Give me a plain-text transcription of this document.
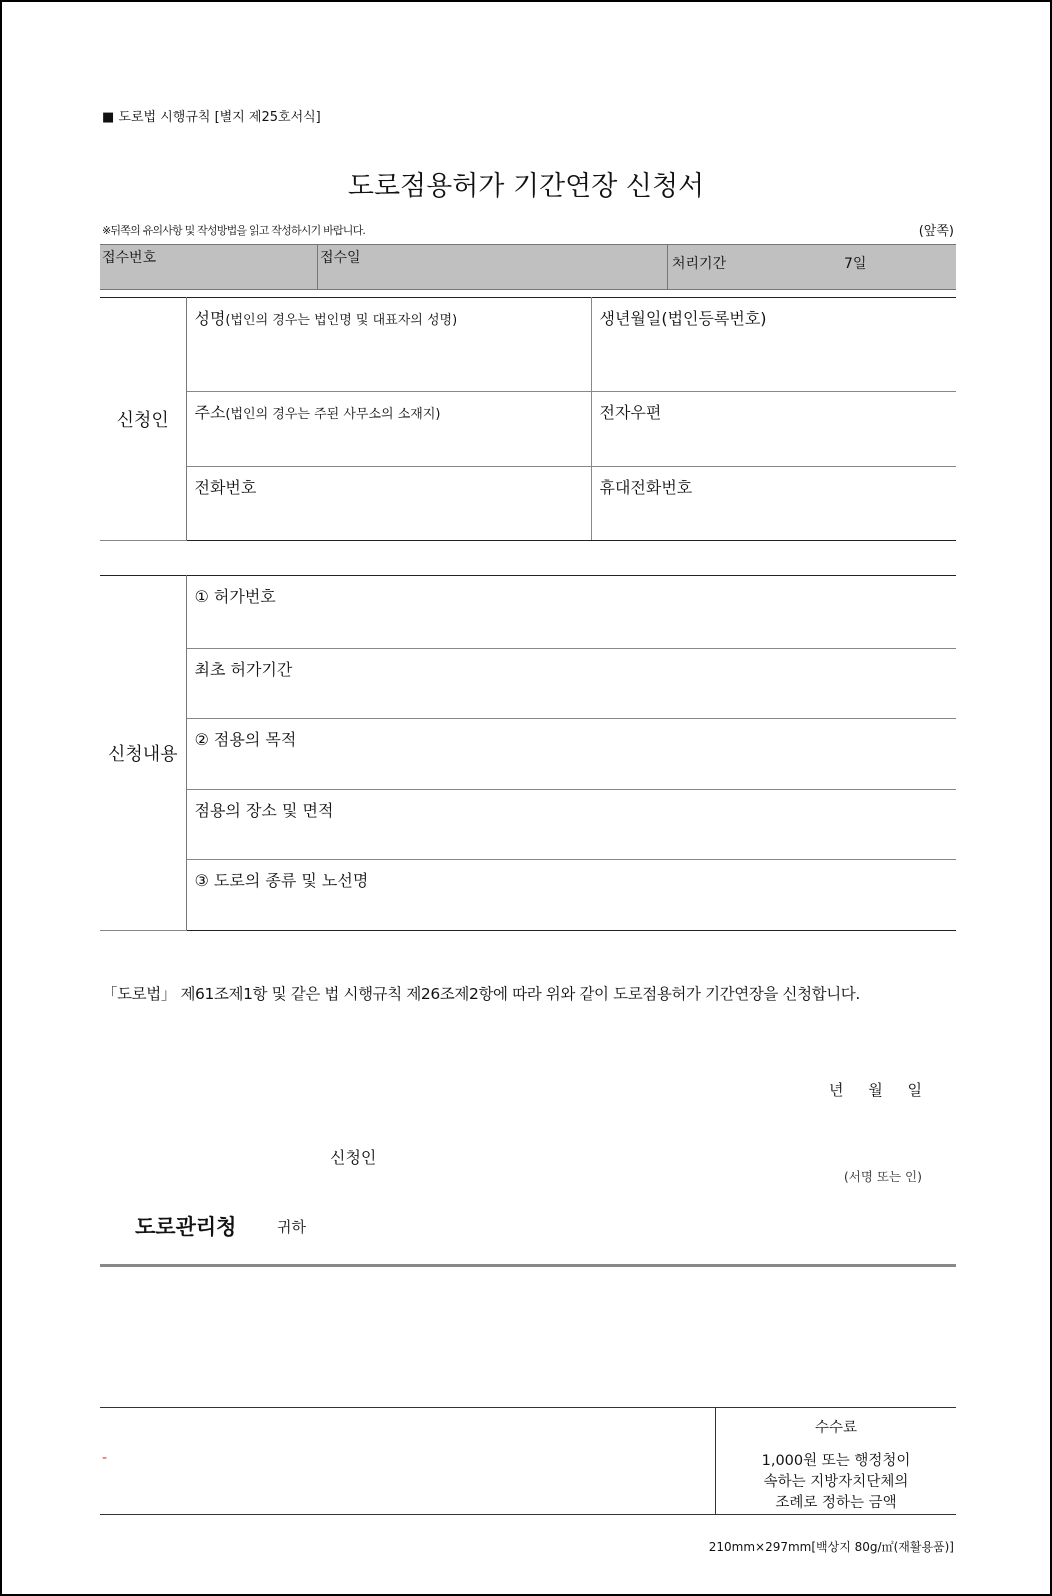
■ 도로법 시행규칙 [별지 제25호서식]
도로점용허가 기간연장 신청서
※뒤쪽의 유의사항 및 작성방법을 읽고 작성하시기 바랍니다.	(앞쪽)
접수번호	접수일	처리기간	7일
신청인	성명(법인의 경우는 법인명 및 대표자의 성명)	생년월일(법인등록번호)
	주소(법인의 경우는 주된 사무소의 소재지)	전자우편
	전화번호	휴대전화번호
신청내용	① 허가번호
최초 허가기간
② 점용의 목적
점용의 장소 및 면적
③ 도로의 종류 및 노선명
「도로법」 제61조제1항 및 같은 법 시행규칙 제26조제2항에 따라 위와 같이 도로점용허가 기간연장을 신청합니다.
년 월 일
신청인
(서명 또는 인)
도로관리청	귀하
-
수수료
1,000원 또는 행정청이
속하는 지방자치단체의
조례로 정하는 금액
210mm×297mm[백상지 80g/㎡(재활용품)]
